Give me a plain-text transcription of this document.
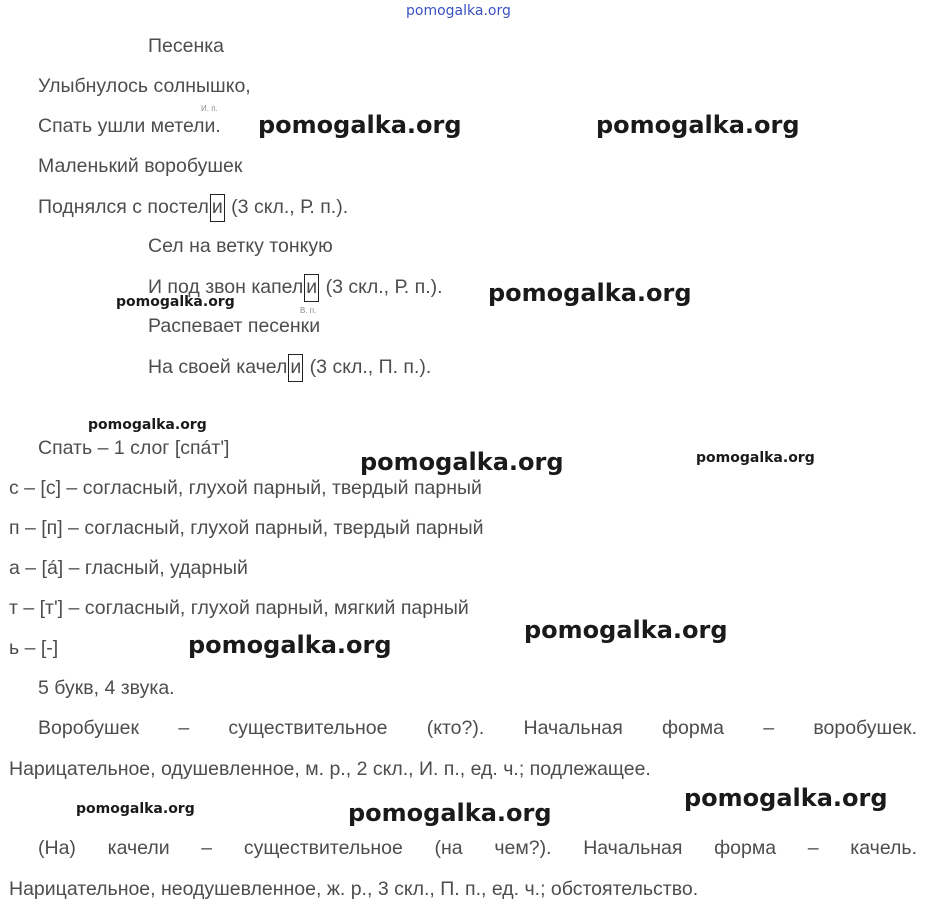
pomogalka.org
Песенка
Улыбнулось солнышко,
И. п.
Спать ушли метели.
Маленький воробушек
Поднялся с постел и (3 скл., Р. п.).
Сел на ветку тонкую
И под звон капел и (3 скл., Р. п.).
В. п.
Распевает песенки
На своей качел и (3 скл., П. п.).
Спать – 1 слог [спáт']
с – [с] – согласный, глухой парный, твердый парный
п – [п] – согласный, глухой парный, твердый парный
а – [á] – гласный, ударный
т – [т'] – согласный, глухой парный, мягкий парный
ь – [-]
5 букв, 4 звука.
Воробушек – существительное (кто?). Начальная форма – воробушек.
Нарицательное, одушевленное, м. р., 2 скл., И. п., ед. ч.; подлежащее.
(На) качели – существительное (на чем?). Начальная форма – качель.
Нарицательное, неодушевленное, ж. р., 3 скл., П. п., ед. ч.; обстоятельство.
pomogalka.org	pomogalka.org
pomogalka.org
pomogalka.org
pomogalka.org
pomogalka.org	pomogalka.org
pomogalka.org
pomogalka.org
pomogalka.org
pomogalka.org	pomogalka.org
